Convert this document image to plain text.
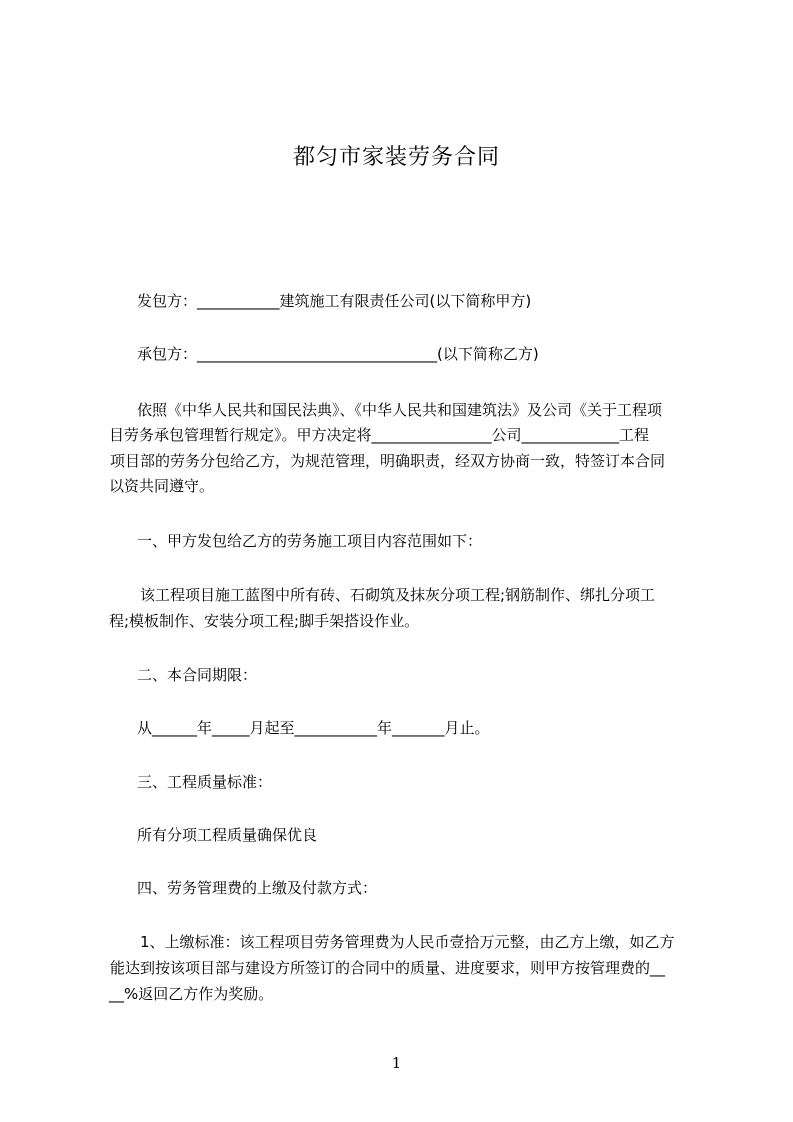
都匀市家装劳务合同
发包方：___________建筑施工有限责任公司(以下简称甲方)
承包方：________________________________(以下简称乙方)
依照《中华人民共和国民法典》、《中华人民共和国建筑法》及公司《关于工程项
目劳务承包管理暂行规定》。甲方决定将________________公司_____________工程
项目部的劳务分包给乙方，为规范管理，明确职责，经双方协商一致，特签订本合同
以资共同遵守。
一、甲方发包给乙方的劳务施工项目内容范围如下：
该工程项目施工蓝图中所有砖、石砌筑及抹灰分项工程;钢筋制作、绑扎分项工
程;模板制作、安装分项工程;脚手架搭设作业。
二、本合同期限：
从______年_____月起至___________年_______月止。
三、工程质量标准：
所有分项工程质量确保优良
四、劳务管理费的上缴及付款方式：
1、上缴标准：该工程项目劳务管理费为人民币壹拾万元整，由乙方上缴，如乙方
能达到按该项目部与建设方所签订的合同中的质量、进度要求，则甲方按管理费的__
__%返回乙方作为奖励。
1
